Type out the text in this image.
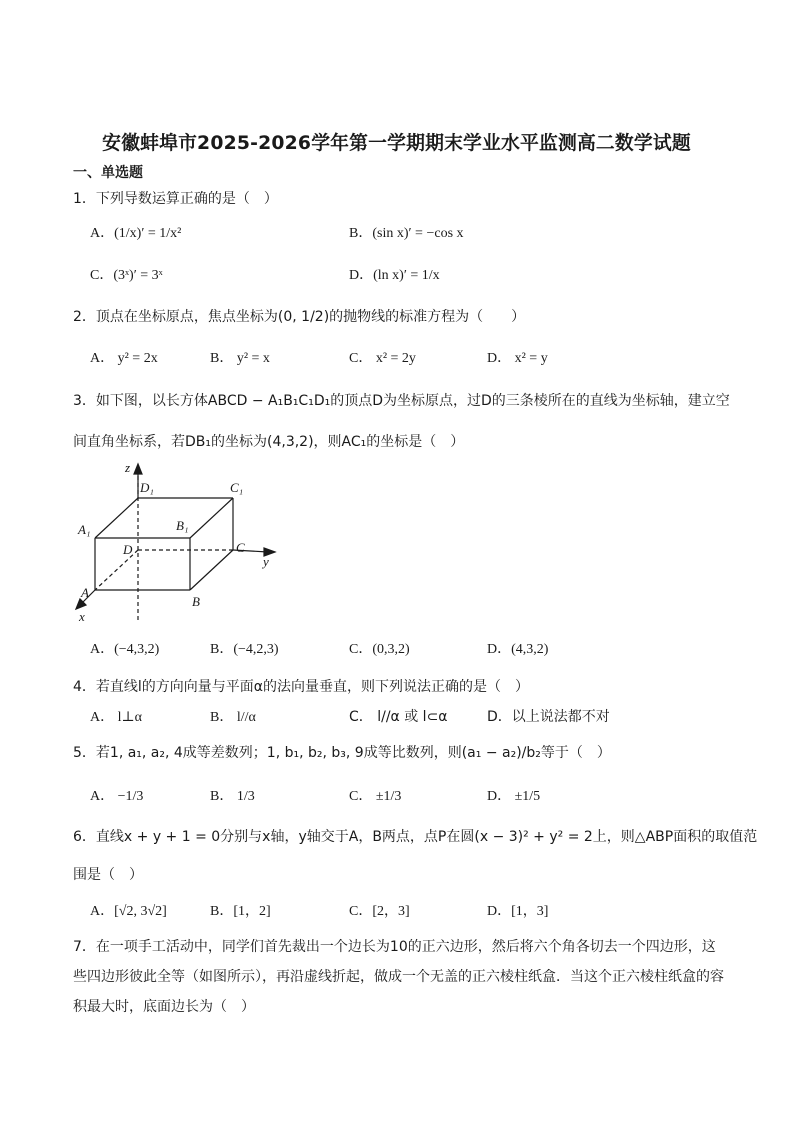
安徽蚌埠市2025-2026学年第一学期期末学业水平监测高二数学试题
一、单选题
1．下列导数运算正确的是（　）
A．(1/x)′ = 1/x²	B．(sin x)′ = −cos x
C．(3ˣ)′ = 3ˣ	D．(ln x)′ = 1/x
2．顶点在坐标原点，焦点坐标为(0, 1/2)的抛物线的标准方程为（　　）
A． y² = 2x	B． y² = x	C． x² = 2y	D． x² = y
3．如下图，以长方体ABCD − A₁B₁C₁D₁的顶点D为坐标原点，过D的三条棱所在的直线为坐标轴，建立空
间直角坐标系，若DB₁的坐标为(4,3,2)，则AC₁的坐标是（　）
z
D₁	C₁
A₁	B₁
D	C
y
A
B
x
A．(−4,3,2)	B．(−4,2,3)	C．(0,3,2)	D．(4,3,2)
4．若直线l的方向向量与平面α的法向量垂直，则下列说法正确的是（　）
A． l⊥α	B． l//α	C． l//α 或 l⊂α	D．以上说法都不对
5．若1, a₁, a₂, 4成等差数列；1, b₁, b₂, b₃, 9成等比数列，则(a₁ − a₂)/b₂等于（　）
A． −1/3	B． 1/3	C． ±1/3	D． ±1/5
6．直线x + y + 1 = 0分别与x轴，y轴交于A，B两点，点P在圆(x − 3)² + y² = 2上，则△ABP面积的取值范
围是（　）
A．[√2, 3√2]	B．[1，2]	C．[2，3]	D．[1，3]
7．在一项手工活动中，同学们首先裁出一个边长为10的正六边形，然后将六个角各切去一个四边形，这
些四边形彼此全等（如图所示），再沿虚线折起，做成一个无盖的正六棱柱纸盒．当这个正六棱柱纸盒的容
积最大时，底面边长为（　）
